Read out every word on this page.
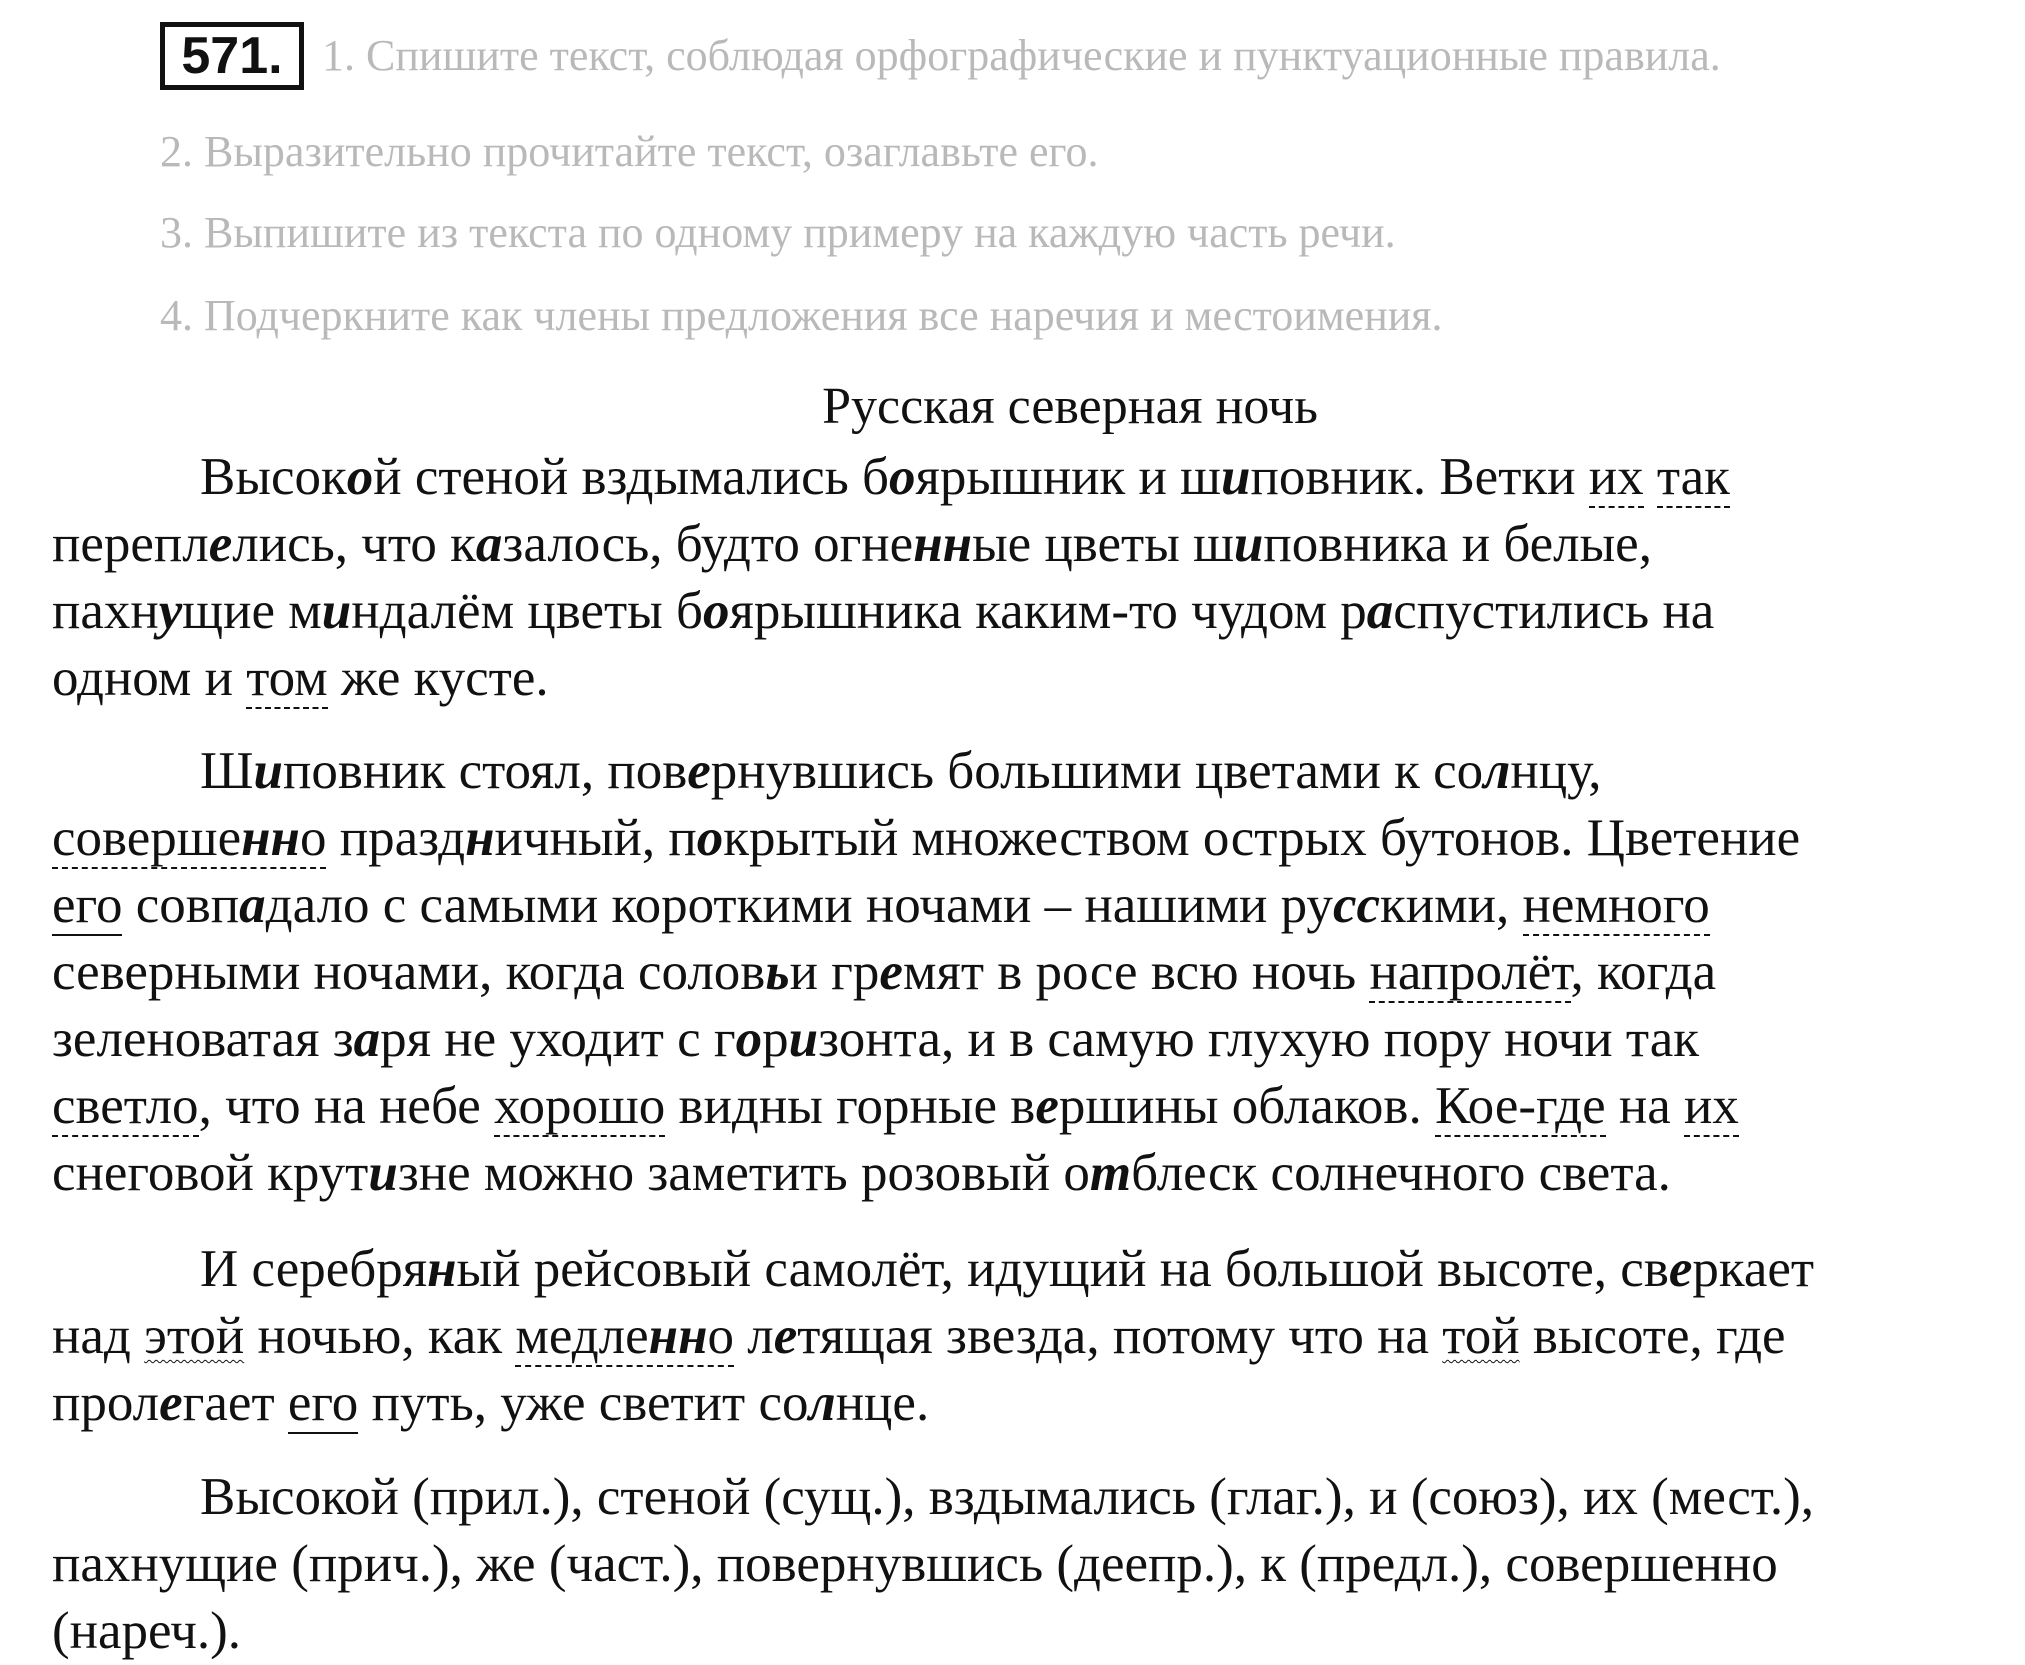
571. 1. Спишите текст, соблюдая орфографические и пунктуационные правила.
2. Выразительно прочитайте текст, озаглавьте его.
3. Выпишите из текста по одному примеру на каждую часть речи.
4. Подчеркните как члены предложения все наречия и местоимения.
Русская северная ночь
Высокой стеной вздымались боярышник и шиповник. Ветки их так
переплелись, что казалось, будто огненные цветы шиповника и белые,
пахнущие миндалём цветы боярышника каким-то чудом распустились на
одном и том же кусте.
Шиповник стоял, повернувшись большими цветами к солнцу,
совершенно праздничный, покрытый множеством острых бутонов. Цветение
его совпадало с самыми короткими ночами – нашими русскими, немного
северными ночами, когда соловьи гремят в росе всю ночь напролёт, когда
зеленоватая заря не уходит с горизонта, и в самую глухую пору ночи так
светло, что на небе хорошо видны горные вершины облаков. Кое-где на их
снеговой крутизне можно заметить розовый отблеск солнечного света.
И серебряный рейсовый самолёт, идущий на большой высоте, сверкает
над этой ночью, как медленно летящая звезда, потому что на той высоте, где
пролегает его путь, уже светит солнце.
Высокой (прил.), стеной (сущ.), вздымались (глаг.), и (союз), их (мест.),
пахнущие (прич.), же (част.), повернувшись (деепр.), к (предл.), совершенно
(нареч.).
